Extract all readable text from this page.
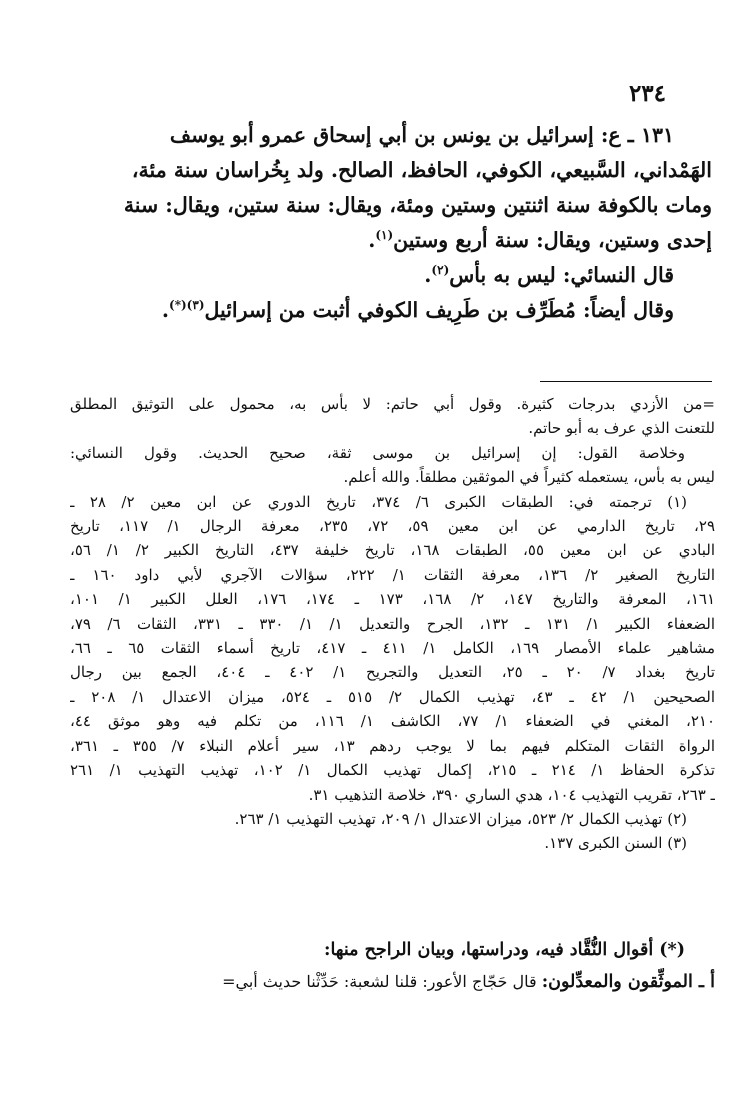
٢٣٤

١٣١ ـ ع: إسرائيل بن يونس بن أبي إسحاق عمرو أبو يوسف
الهَمْداني، السَّبيعي، الكوفي، الحافظ، الصالح. ولد بِخُراسان سنة مئة،
ومات بالكوفة سنة اثنتين وستين ومئة، ويقال: سنة ستين، ويقال: سنة
إحدى وستين، ويقال: سنة أربع وستين$^{(١)}$.

قال النسائي: ليس به بأس$^{(٢)}$.

وقال أيضاً: مُطَرِّف بن طَرِيف الكوفي أثبت من إسرائيل$^{(٣)(*)}$.

=من الأزدي بدرجات كثيرة. وقول أبي حاتم: لا بأس به، محمول على التوثيق المطلق
للتعنت الذي عرف به أبو حاتم.

وخلاصة القول: إن إسرائيل بن موسى ثقة، صحيح الحديث. وقول النسائي:
ليس به بأس، يستعمله كثيراً في الموثقين مطلقاً. والله أعلم.

(١) ترجمته في: الطبقات الكبرى ٦/ ٣٧٤، تاريخ الدوري عن ابن معين ٢/ ٢٨ ـ
٢٩، تاريخ الدارمي عن ابن معين ٥٩، ٧٢، ٢٣٥، معرفة الرجال ١/ ١١٧، تاريخ
البادي عن ابن معين ٥٥، الطبقات ١٦٨، تاريخ خليفة ٤٣٧، التاريخ الكبير ٢/ ١/ ٥٦،
التاريخ الصغير ٢/ ١٣٦، معرفة الثقات ١/ ٢٢٢، سؤالات الآجري لأبي داود ١٦٠ ـ
١٦١، المعرفة والتاريخ ١٤٧، ٢/ ١٦٨، ١٧٣ ـ ١٧٤، ١٧٦، العلل الكبير ١/ ١٠١،
الضعفاء الكبير ١/ ١٣١ ـ ١٣٢، الجرح والتعديل ١/ ١/ ٣٣٠ ـ ٣٣١، الثقات ٦/ ٧٩،
مشاهير علماء الأمصار ١٦٩، الكامل ١/ ٤١١ ـ ٤١٧، تاريخ أسماء الثقات ٦٥ ـ ٦٦،
تاريخ بغداد ٧/ ٢٠ ـ ٢٥، التعديل والتجريح ١/ ٤٠٢ ـ ٤٠٤، الجمع بين رجال
الصحيحين ١/ ٤٢ ـ ٤٣، تهذيب الكمال ٢/ ٥١٥ ـ ٥٢٤، ميزان الاعتدال ١/ ٢٠٨ ـ
٢١٠، المغني في الضعفاء ١/ ٧٧، الكاشف ١/ ١١٦، من تكلم فيه وهو موثق ٤٤،
الرواة الثقات المتكلم فيهم بما لا يوجب ردهم ١٣، سير أعلام النبلاء ٧/ ٣٥٥ ـ ٣٦١،
تذكرة الحفاظ ١/ ٢١٤ ـ ٢١٥، إكمال تهذيب الكمال ١/ ١٠٢، تهذيب التهذيب ١/ ٢٦١
ـ ٢٦٣، تقريب التهذيب ١٠٤، هدي الساري ٣٩٠، خلاصة التذهيب ٣١.

(٢) تهذيب الكمال ٢/ ٥٢٣، ميزان الاعتدال ١/ ٢٠٩، تهذيب التهذيب ١/ ٢٦٣.

(٣) السنن الكبرى ١٣٧.

(*) أقوال النُّقَّاد فيه، ودراستها، وبيان الراجح منها:

أ ـ الموثِّقون والمعدِّلون: قال حَجّاج الأعور: قلنا لشعبة: حَدِّثْنا حديث أبي=
